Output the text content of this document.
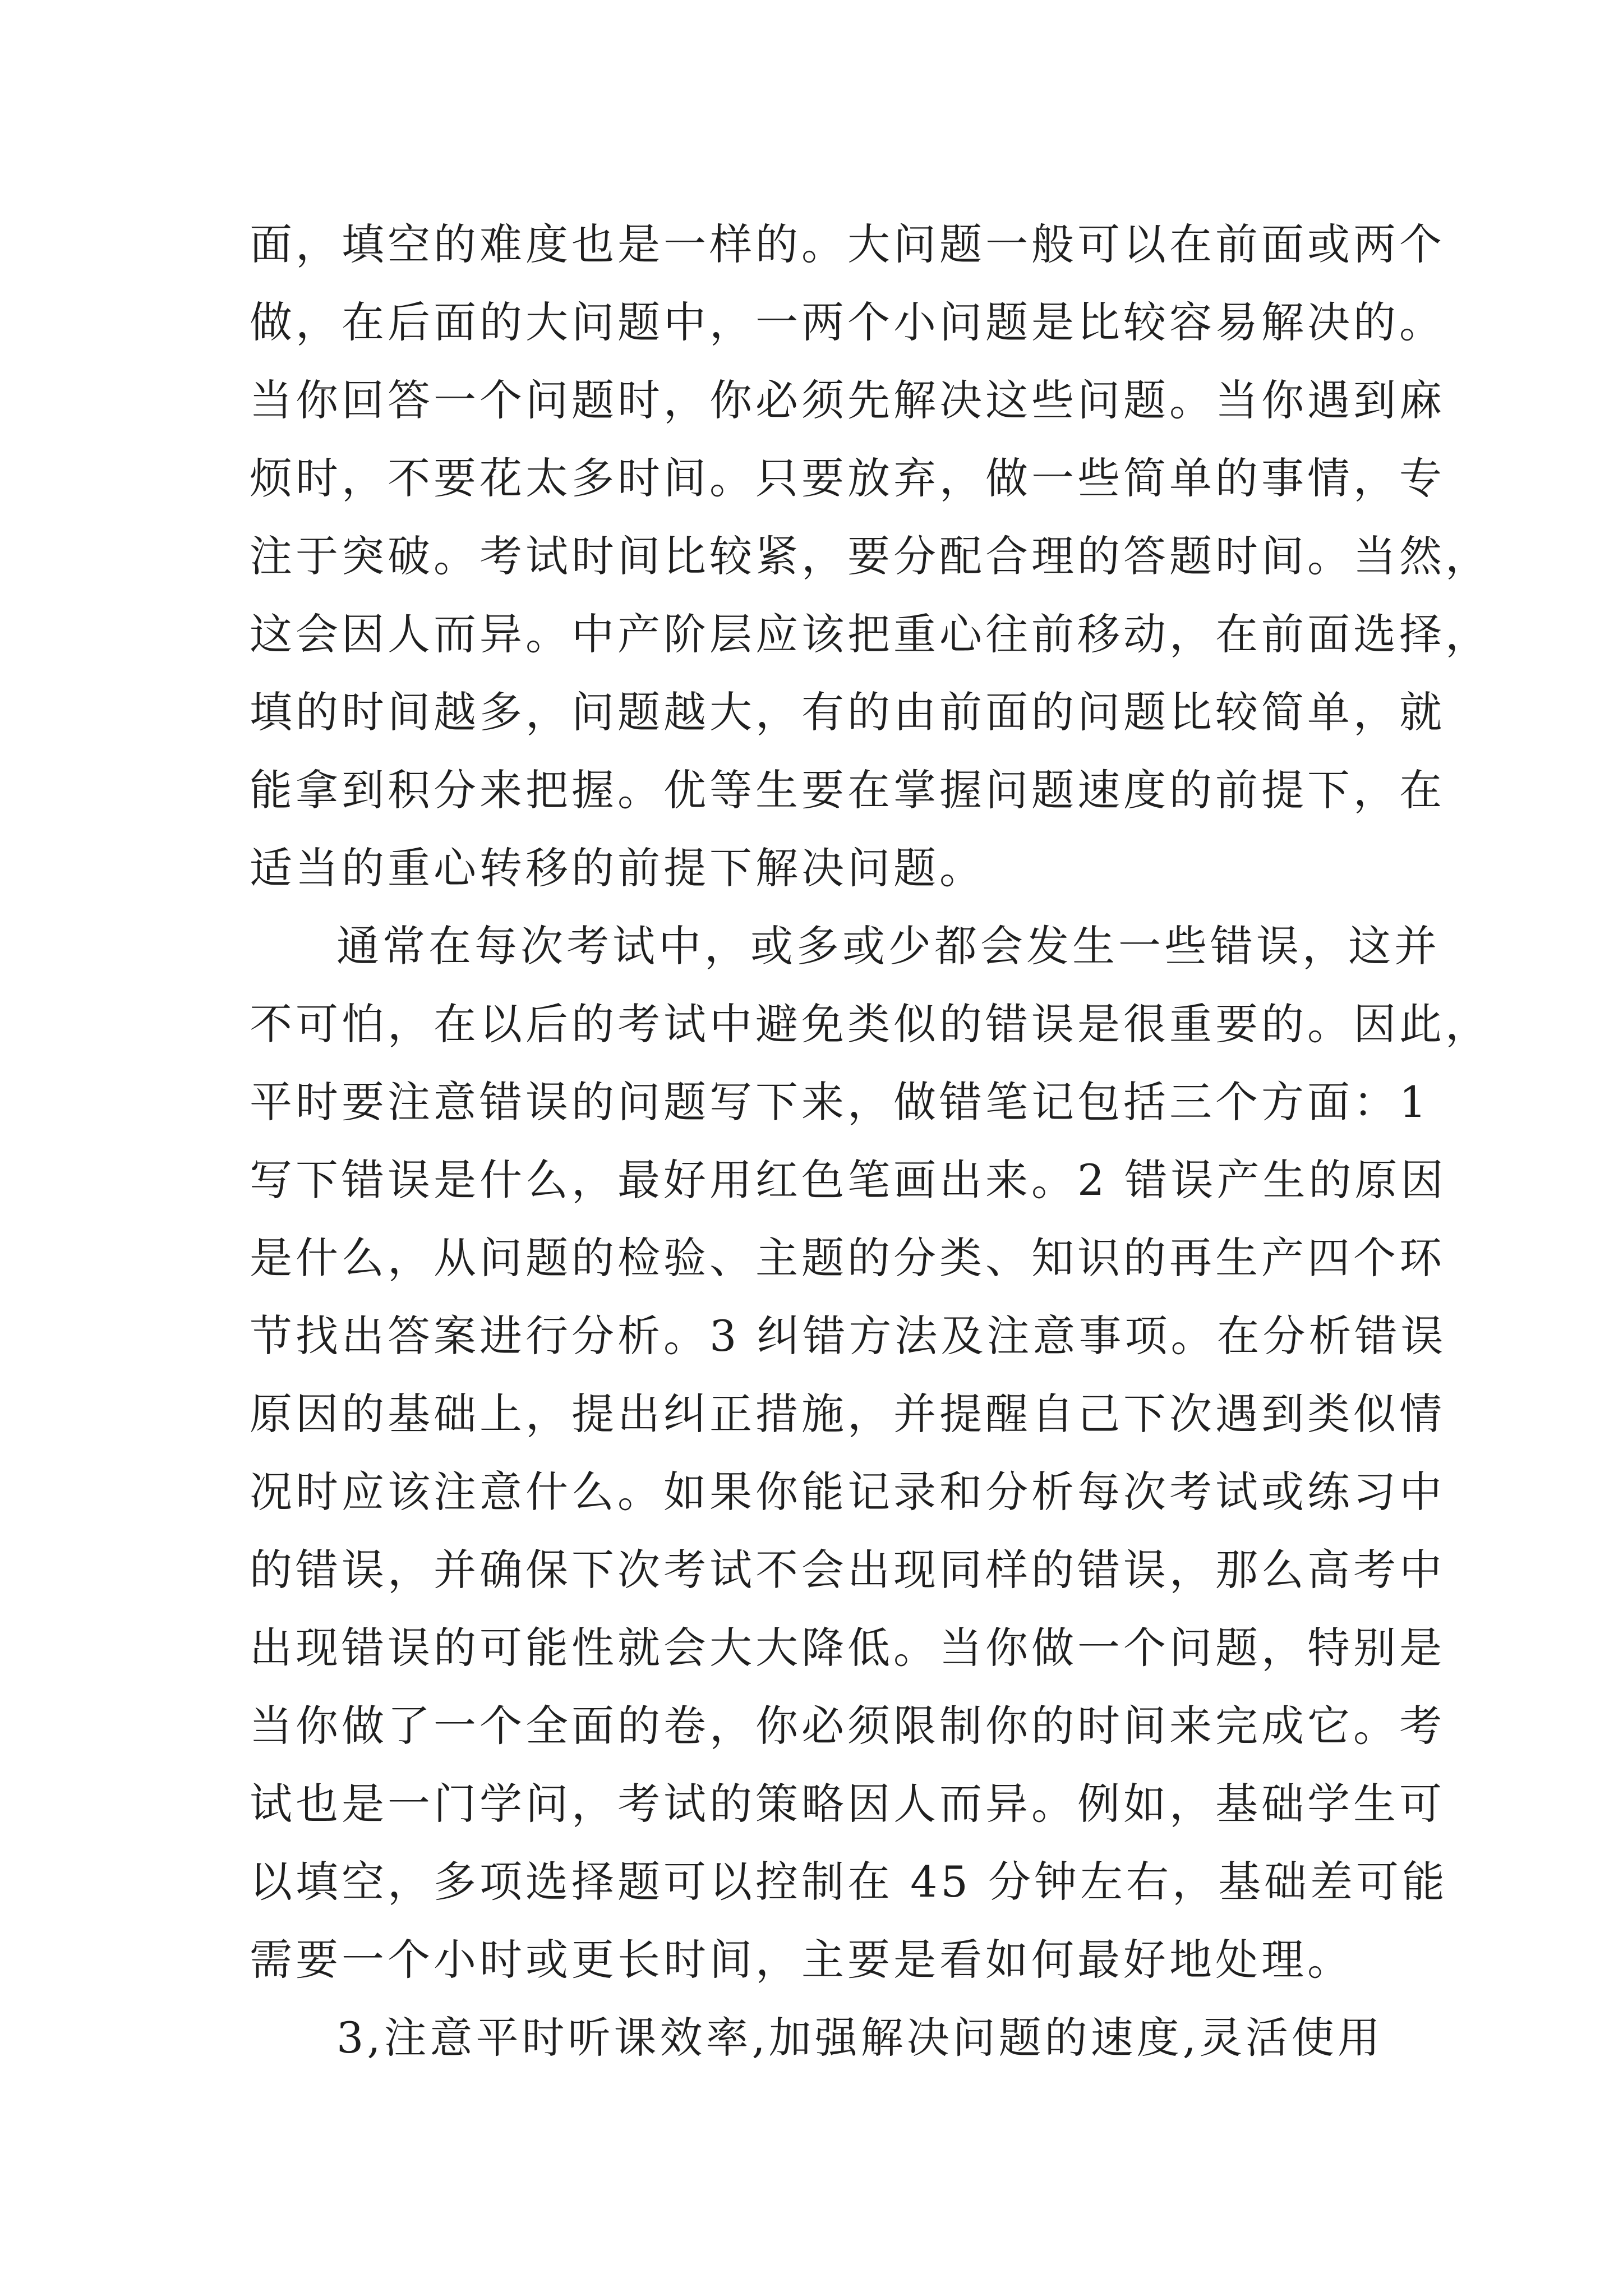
面，填空的难度也是一样的。大问题一般可以在前面或两个

做，在后面的大问题中，一两个小问题是比较容易解决的。

当你回答一个问题时，你必须先解决这些问题。当你遇到麻

烦时，不要花太多时间。只要放弃，做一些简单的事情，专

注于突破。考试时间比较紧，要分配合理的答题时间。当然，

这会因人而异。中产阶层应该把重心往前移动，在前面选择，

填的时间越多，问题越大，有的由前面的问题比较简单，就

能拿到积分来把握。优等生要在掌握问题速度的前提下，在

适当的重心转移的前提下解决问题。

通常在每次考试中，或多或少都会发生一些错误，这并

不可怕，在以后的考试中避免类似的错误是很重要的。因此，

平时要注意错误的问题写下来，做错笔记包括三个方面：1

写下错误是什么，最好用红色笔画出来。2 错误产生的原因

是什么，从问题的检验、主题的分类、知识的再生产四个环

节找出答案进行分析。3 纠错方法及注意事项。在分析错误

原因的基础上，提出纠正措施，并提醒自己下次遇到类似情

况时应该注意什么。如果你能记录和分析每次考试或练习中

的错误，并确保下次考试不会出现同样的错误，那么高考中

出现错误的可能性就会大大降低。当你做一个问题，特别是

当你做了一个全面的卷，你必须限制你的时间来完成它。考

试也是一门学问，考试的策略因人而异。例如，基础学生可

以填空，多项选择题可以控制在 45 分钟左右，基础差可能

需要一个小时或更长时间，主要是看如何最好地处理。

3,注意平时听课效率,加强解决问题的速度,灵活使用
